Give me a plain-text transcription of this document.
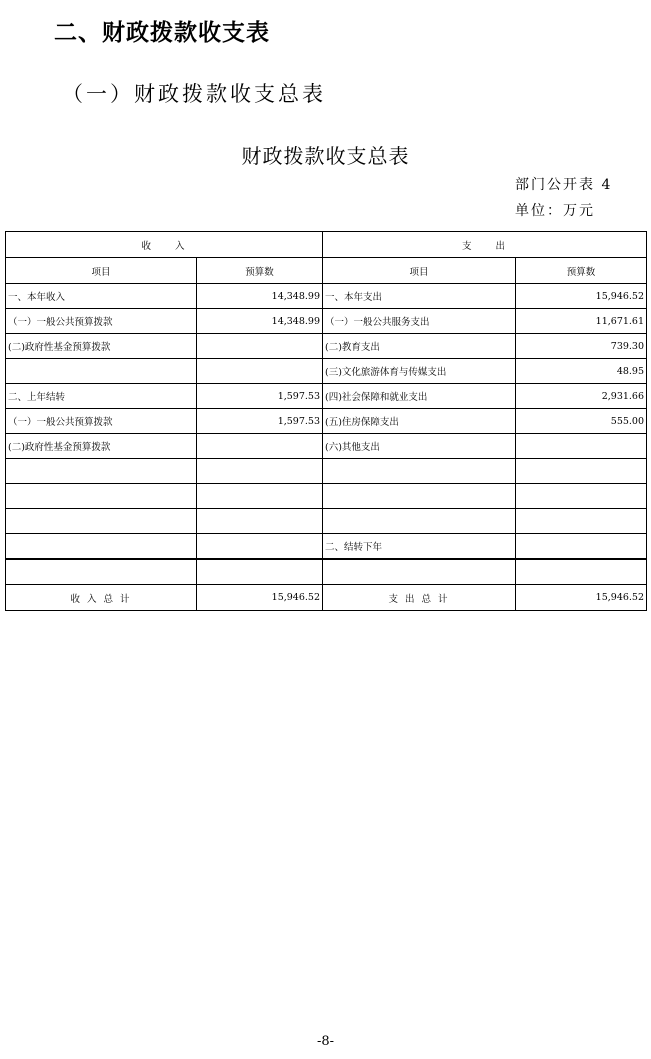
二、财政拨款收支表
（一）财政拨款收支总表
财政拨款收支总表
部门公开表 4
单位：万元
收入		支出	
项目	预算数	项目	预算数
一、本年收入	14,348.99	一、本年支出	15,946.52
（一）一般公共预算拨款	14,348.99	（一）一般公共服务支出	11,671.61
(二)政府性基金预算拨款		(二)教育支出	739.30
		(三)文化旅游体育与传媒支出	48.95
二、上年结转	1,597.53	(四)社会保障和就业支出	2,931.66
（一）一般公共预算拨款	1,597.53	(五)住房保障支出	555.00
(二)政府性基金预算拨款		(六)其他支出	

		二、结转下年	

收入总计	15,946.52	支出总计	15,946.52
-8-
